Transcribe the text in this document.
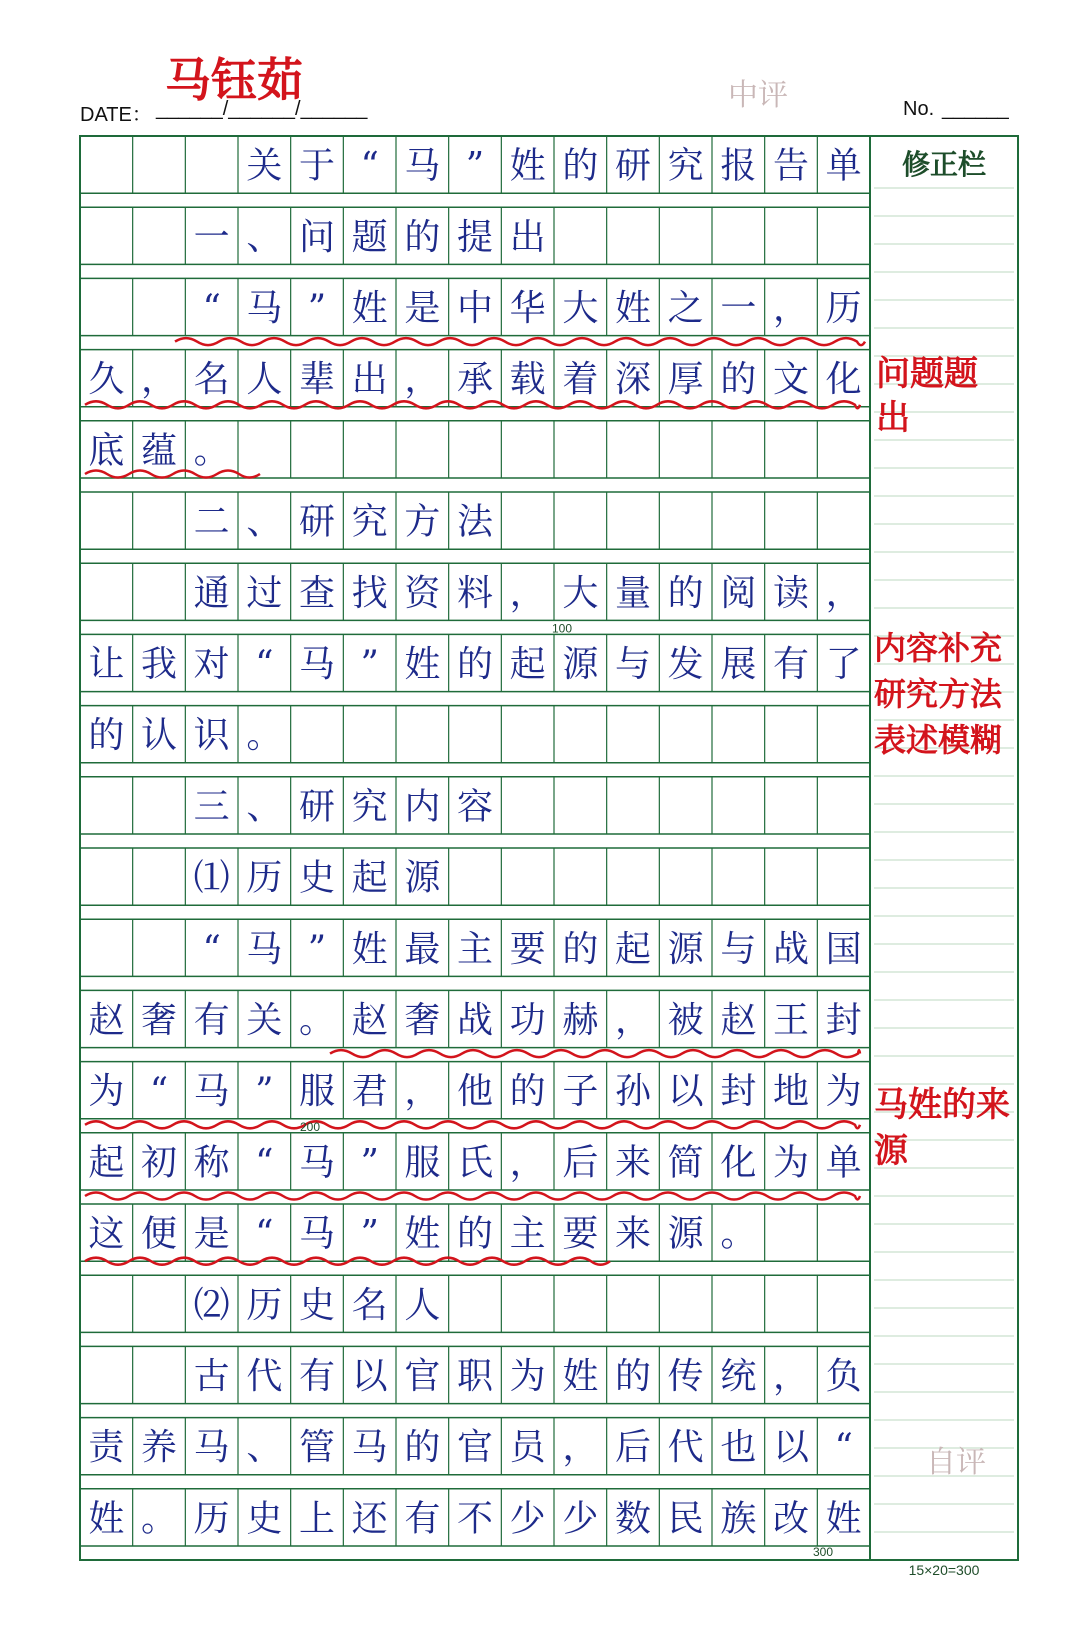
关 于 “ 马 ” 姓 的 研 究 报 告 单
一 、 问 题 的 提 出
“ 马 ” 姓 是 中 华 大 姓 之 一 ， 历
久 ， 名 人 辈 出 ， 承 载 着 深 厚 的 文 化
底 蕴 。
二 、 研 究 方 法
通 过 查 找 资 料 ， 大 量 的 阅 读 ，
让 我 对 “ 马 ” 姓 的 起 源 与 发 展 有 了
的 认 识 。
三 、 研 究 内 容
⑴ 历 史 起 源
“ 马 ” 姓 最 主 要 的 起 源 与 战 国
赵 奢 有 关 。 赵 奢 战 功 赫 ， 被 赵 王 封
为 “ 马 ” 服 君 ， 他 的 子 孙 以 封 地 为
起 初 称 “ 马 ” 服 氏 ， 后 来 简 化 为 单
这 便 是 “ 马 ” 姓 的 主 要 来 源 。
⑵ 历 史 名 人
古 代 有 以 官 职 为 姓 的 传 统 ， 负
责 养 马 、 管 马 的 官 员 ， 后 代 也 以 “
姓 。 历 史 上 还 有 不 少 少 数 民 族 改 姓
修正栏
100
200
300
15×20=300
DATE： ______/______/______	No. ______
马钰茹	中评
自评
问题题
出
内容补充
研究方法
表述模糊
马姓的来
源
